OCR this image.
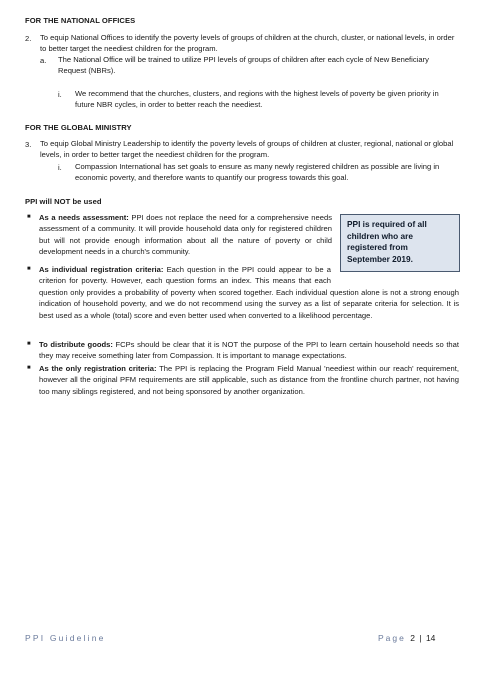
FOR THE NATIONAL OFFICES
2. To equip National Offices to identify the poverty levels of groups of children at the church, cluster, or national levels, in order to better target the neediest children for the program.
a. The National Office will be trained to utilize PPI levels of groups of children after each cycle of New Beneficiary Request (NBRs).
i. We recommend that the churches, clusters, and regions with the highest levels of poverty be given priority in future NBR cycles, in order to better reach the neediest.
FOR THE GLOBAL MINISTRY
3. To equip Global Ministry Leadership to identify the poverty levels of groups of children at cluster, regional, national or global levels, in order to better target the neediest children for the program.
i. Compassion International has set goals to ensure as many newly registered children as possible are living in economic poverty, and therefore wants to quantify our progress towards this goal.
PPI will NOT be used
■ As a needs assessment: PPI does not replace the need for a comprehensive needs assessment of a community. It will provide household data only for registered children but will not provide enough information about all the nature of poverty or child development needs in a church's community.
■ As individual registration criteria: Each question in the PPI could appear to be a criterion for poverty. However, each question forms an index. This means that each question only provides a probability of poverty when scored together. Each individual question alone is not a strong enough indication of household poverty, and we do not recommend using the survey as a list of separate criteria for selection. It is best used as a whole (total) score and even better used when converted to a likelihood percentage.
■ To distribute goods: FCPs should be clear that it is NOT the purpose of the PPI to learn certain household needs so that they may receive something later from Compassion. It is important to manage expectations.
■ As the only registration criteria: The PPI is replacing the Program Field Manual 'neediest within our reach' requirement, however all the original PFM requirements are still applicable, such as distance from the frontline church partner, not having too many siblings registered, and not being sponsored by another organization.
PPI is required of all children who are registered from September 2019.
PPI Guideline	Page 2 | 14
